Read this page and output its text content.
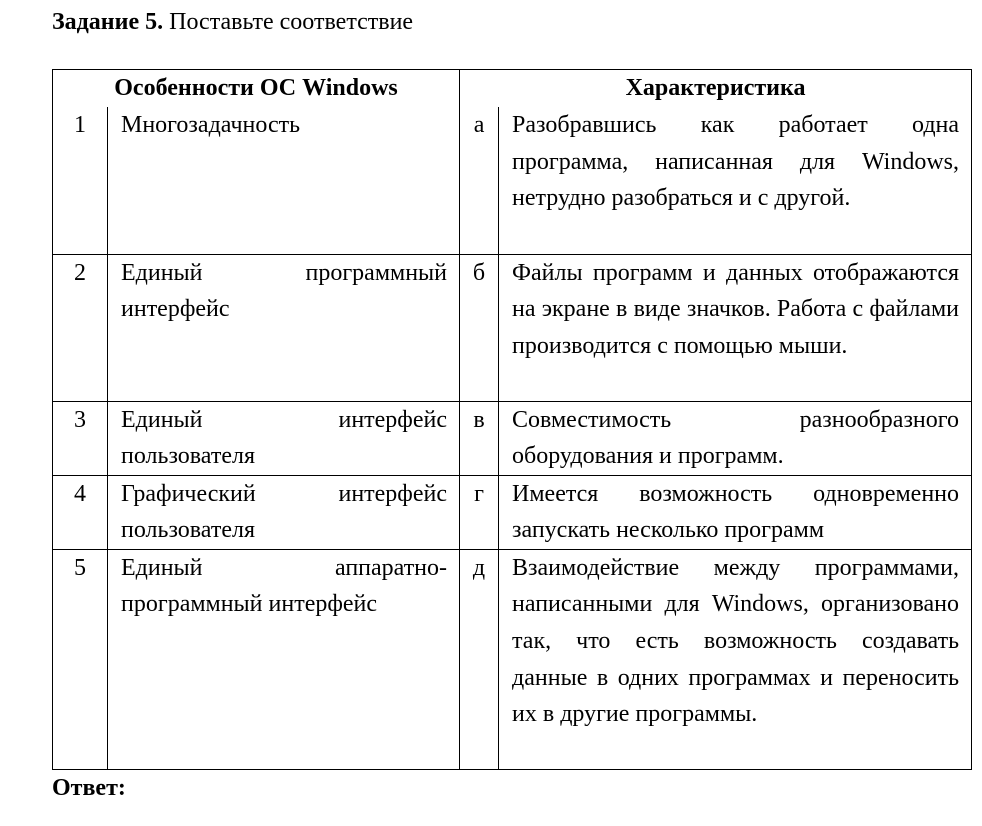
Задание 5. Поставьте соответствие
Особенности ОС Windows		Характеристика	
1	Многозадачность	а	Разобравшись как работает одна программа, написанная для Windows, нетрудно разобраться и с другой.
2	Единый программный интерфейс	б	Файлы программ и данных отображаются на экране в виде значков. Работа с файлами производится с помощью мыши.
3	Единый интерфейс пользователя	в	Совместимость разнообразного оборудования и программ.
4	Графический интерфейс пользователя	г	Имеется возможность одновременно запускать несколько программ
5	Единый аппаратно-программный интерфейс	д	Взаимодействие между программами, написанными для Windows, организовано так, что есть возможность создавать данные в одних программах и переносить их в другие программы.
Ответ:
